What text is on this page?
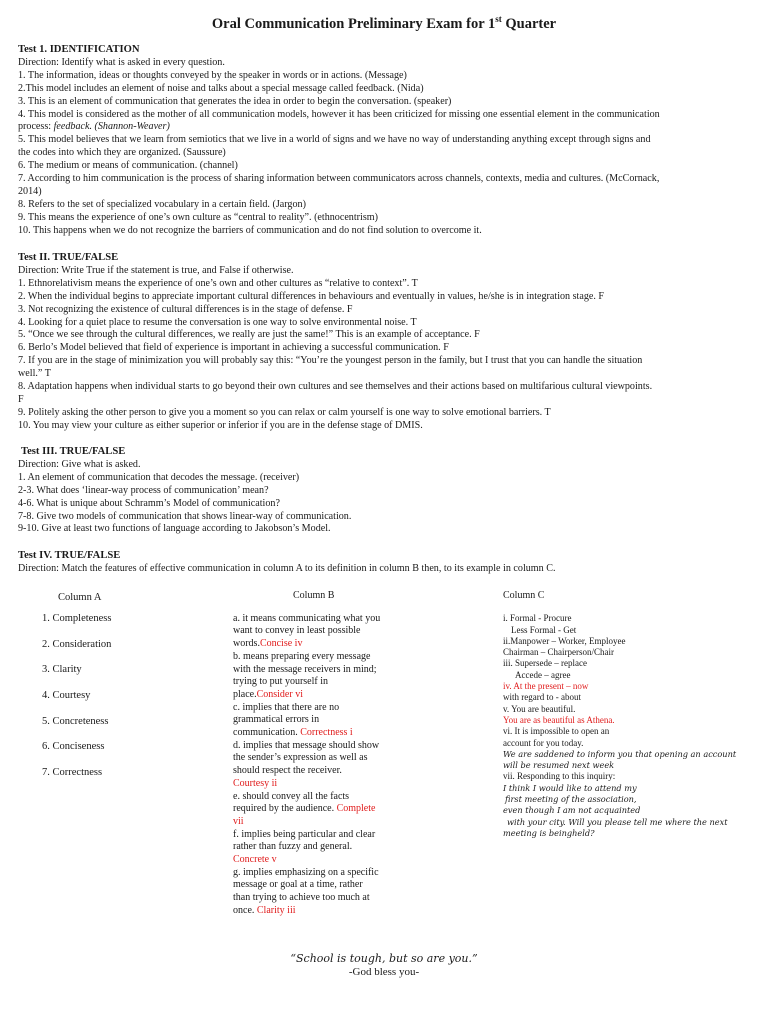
Oral Communication Preliminary Exam for 1st Quarter
Test 1. IDENTIFICATION
Direction: Identify what is asked in every question.
1. The information, ideas or thoughts conveyed by the speaker in words or in actions. (Message)
2.This model includes an element of noise and talks about a special message called feedback. (Nida)
3. This is an element of communication that generates the idea in order to begin the conversation. (speaker)
4. This model is considered as the mother of all communication models, however it has been criticized for missing one essential element in the communication
process: feedback. (Shannon-Weaver)
5. This model believes that we learn from semiotics that we live in a world of signs and we have no way of understanding anything except through signs and
the codes into which they are organized. (Saussure)
6. The medium or means of communication. (channel)
7. According to him communication is the process of sharing information between communicators across channels, contexts, media and cultures. (McCornack,
2014)
8. Refers to the set of specialized vocabulary in a certain field. (Jargon)
9. This means the experience of one’s own culture as “central to reality”. (ethnocentrism)
10. This happens when we do not recognize the barriers of communication and do not find solution to overcome it.
Test II. TRUE/FALSE
Direction: Write True if the statement is true, and False if otherwise.
1. Ethnorelativism means the experience of one’s own and other cultures as “relative to context”. T
2. When the individual begins to appreciate important cultural differences in behaviours and eventually in values, he/she is in integration stage. F
3. Not recognizing the existence of cultural differences is in the stage of defense. F
4. Looking for a quiet place to resume the conversation is one way to solve environmental noise. T
5. “Once we see through the cultural differences, we really are just the same!” This is an example of acceptance. F
6. Berlo’s Model believed that field of experience is important in achieving a successful communication. F
7. If you are in the stage of minimization you will probably say this: “You’re the youngest person in the family, but I trust that you can handle the situation
well.” T
8. Adaptation happens when individual starts to go beyond their own cultures and see themselves and their actions based on multifarious cultural viewpoints.
F
9. Politely asking the other person to give you a moment so you can relax or calm yourself is one way to solve emotional barriers. T
10. You may view your culture as either superior or inferior if you are in the defense stage of DMIS.
Test III. TRUE/FALSE
Direction: Give what is asked.
1. An element of communication that decodes the message. (receiver)
2-3. What does ‘linear-way process of communication’ mean?
4-6. What is unique about Schramm’s Model of communication?
7-8. Give two models of communication that shows linear-way of communication.
9-10. Give at least two functions of language according to Jakobson’s Model.
Test IV. TRUE/FALSE
Direction: Match the features of effective communication in column A to its definition in column B then, to its example in column C.
Column A
1. Completeness
2. Consideration
3. Clarity
4. Courtesy
5. Concreteness
6. Conciseness
7. Correctness
Column B
a. it means communicating what you
want to convey in least possible
words.Concise iv
b. means preparing every message
with the message receivers in mind;
trying to put yourself in
place.Consider vi
c. implies that there are no
grammatical errors in
communication. Correctness i
d. implies that message should show
the sender’s expression as well as
should respect the receiver.
Courtesy ii
e. should convey all the facts
required by the audience. Complete
vii
f. implies being particular and clear
rather than fuzzy and general.
Concrete v
g. implies emphasizing on a specific
message or goal at a time, rather
than trying to achieve too much at
once. Clarity iii
Column C
i. Formal - Procure
Less Formal - Get
ii.Manpower – Worker, Employee
Chairman – Chairperson/Chair
iii. Supersede – replace
Accede – agree
iv. At the present – now
with regard to - about
v. You are beautiful.
You are as beautiful as Athena.
vi. It is impossible to open an
account for you today.
We are saddened to inform you that opening an account
will be resumed next week
vii. Responding to this inquiry:
I think I would like to attend my
first meeting of the association,
even though I am not acquainted
with your city. Will you please tell me where the next
meeting is beingheld?
“School is tough, but so are you.”
-God bless you-
